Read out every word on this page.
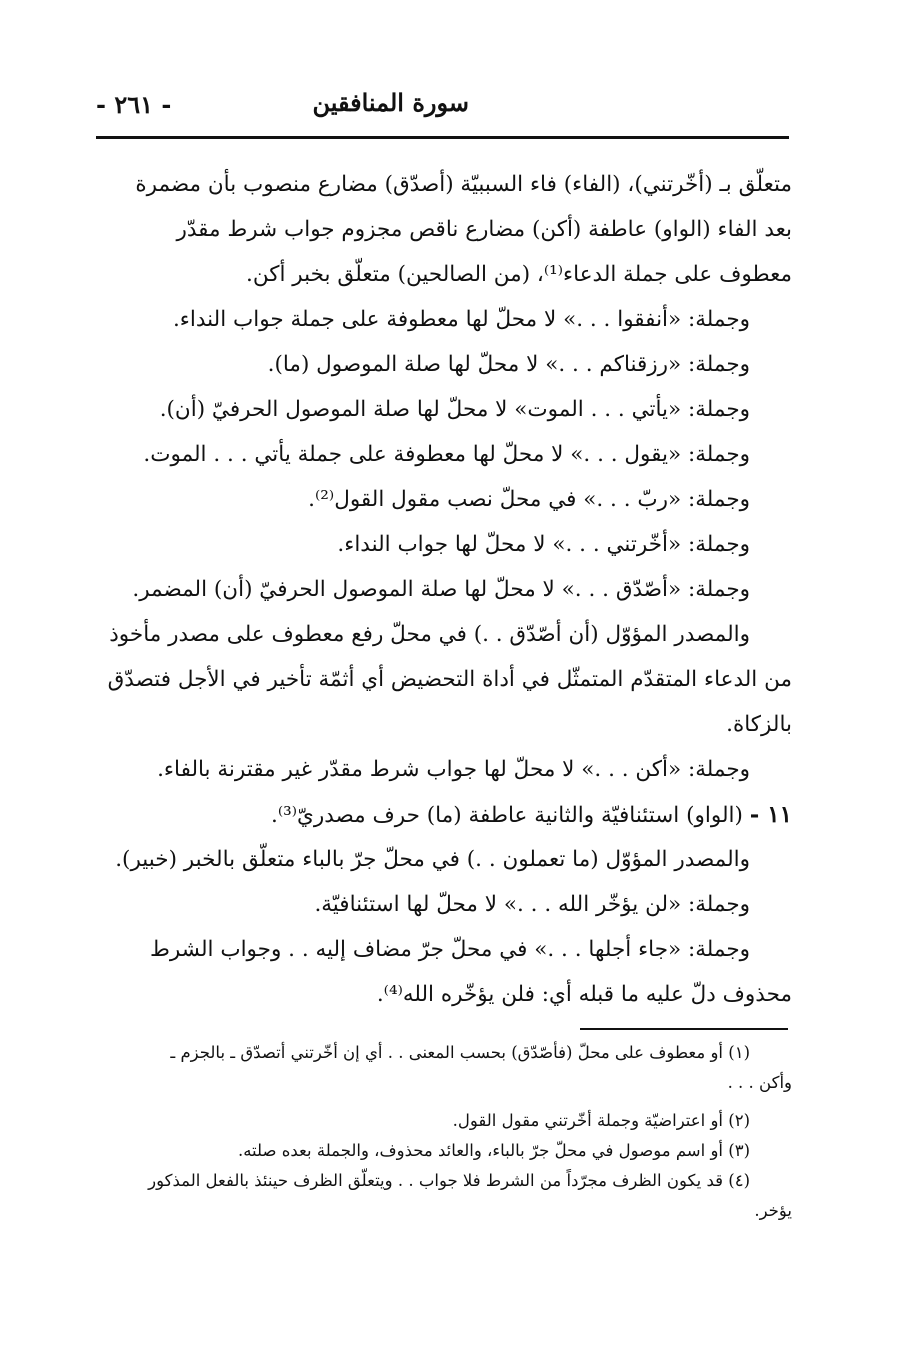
سورة المنافقين
- ٢٦١ -
متعلّق بـ (أخّرتني)، (الفاء) فاء السببيّة (أصدّق) مضارع منصوب بأن مضمرة
بعد الفاء (الواو) عاطفة (أكن) مضارع ناقص مجزوم جواب شرط مقدّر
معطوف على جملة الدعاء⁽¹⁾، (من الصالحين) متعلّق بخبر أكن.
وجملة: «أنفقوا . . .» لا محلّ لها معطوفة على جملة جواب النداء.
وجملة: «رزقناكم . . .» لا محلّ لها صلة الموصول (ما).
وجملة: «يأتي . . . الموت» لا محلّ لها صلة الموصول الحرفيّ (أن).
وجملة: «يقول . . .» لا محلّ لها معطوفة على جملة يأتي . . . الموت.
وجملة: «ربّ . . .» في محلّ نصب مقول القول⁽²⁾.
وجملة: «أخّرتني . . .» لا محلّ لها جواب النداء.
وجملة: «أصّدّق . . .» لا محلّ لها صلة الموصول الحرفيّ (أن) المضمر.
والمصدر المؤوّل (أن أصّدّق . .) في محلّ رفع معطوف على مصدر مأخوذ
من الدعاء المتقدّم المتمثّل في أداة التحضيض أي أثمّة تأخير في الأجل فتصدّق
بالزكاة.
وجملة: «أكن . . .» لا محلّ لها جواب شرط مقدّر غير مقترنة بالفاء.
١١ - (الواو) استئنافيّة والثانية عاطفة (ما) حرف مصدريّ⁽³⁾.
والمصدر المؤوّل (ما تعملون . .) في محلّ جرّ بالباء متعلّق بالخبر (خبير).
وجملة: «لن يؤخّر الله . . .» لا محلّ لها استئنافيّة.
وجملة: «جاء أجلها . . .» في محلّ جرّ مضاف إليه . . وجواب الشرط
محذوف دلّ عليه ما قبله أي: فلن يؤخّره الله⁽⁴⁾.
(١) أو معطوف على محلّ (فأصّدّق) بحسب المعنى . . أي إن أخّرتني أتصدّق ـ بالجزم ـ
وأكن . . .
(٢) أو اعتراضيّة وجملة أخّرتني مقول القول.
(٣) أو اسم موصول في محلّ جرّ بالباء، والعائد محذوف، والجملة بعده صلته.
(٤) قد يكون الظرف مجرّداً من الشرط فلا جواب . . ويتعلّق الظرف حينئذ بالفعل المذكور
يؤخر.
